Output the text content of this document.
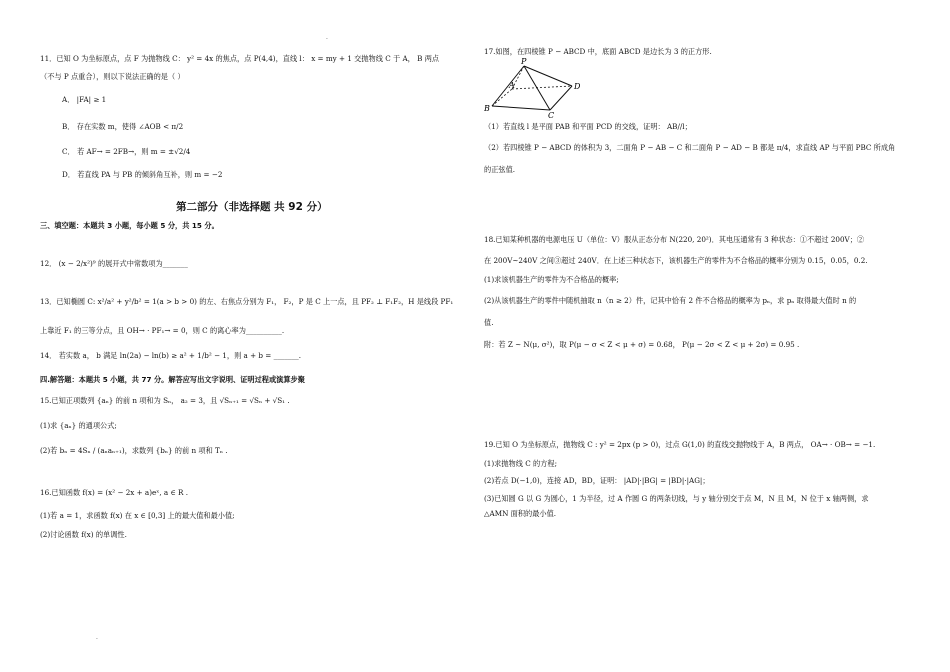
·
·
11．已知 O 为坐标原点，点 F 为抛物线 C： y² = 4x 的焦点，点 P(4,4)，直线 l： x = my + 1 交抛物线 C 于 A， B 两点
（不与 P 点重合），则以下说法正确的是（ ）
A． |FA| ≥ 1
B． 存在实数 m，使得 ∠AOB < π/2
C． 若 AF→ = 2FB→，则 m = ±√2/4
D． 若直线 PA 与 PB 的倾斜角互补，则 m = −2
第二部分（非选择题 共 92 分）
三、填空题：本题共 3 小题，每小题 5 分，共 15 分。
12． (x − 2/x²)⁹ 的展开式中常数项为_______
13．已知椭圆 C: x²/a² + y²/b² = 1(a > b > 0) 的左、右焦点分别为 F₁， F₂，P 是 C 上一点，且 PF₂ ⊥ F₁F₂，H 是线段 PF₁
上靠近 F₁ 的三等分点，且 OH→ · PF₁→ = 0，则 C 的离心率为__________.
14． 若实数 a， b 满足 ln(2a) − ln(b) ≥ a² + 1/b² − 1，则 a + b = _______.
四.解答题：本题共 5 小题，共 77 分。解答应写出文字说明、证明过程或演算步聚
15.已知正项数列 {aₙ} 的前 n 项和为 Sₙ， a₂ = 3，且 √Sₙ₊₁ = √Sₙ + √S₁ .
(1)求 {aₙ} 的通项公式;
(2)若 bₙ = 4Sₙ / (aₙaₙ₊₁)，求数列 {bₙ} 的前 n 项和 Tₙ .
16.已知函数 f(x) = (x² − 2x + a)eˣ, a ∈ R .
(1)若 a = 1，求函数 f(x) 在 x ∈ [0,3] 上的最大值和最小值;
(2)讨论函数 f(x) 的单调性.
17.如图，在四棱锥 P − ABCD 中，底面 ABCD 是边长为 3 的正方形.
P
A	D
B
C
（1）若直线 l 是平面 PAB 和平面 PCD 的交线，证明： AB//l；
（2）若四棱锥 P − ABCD 的体积为 3，二面角 P − AB − C 和二面角 P − AD − B 都是 π/4，求直线 AP 与平面 PBC 所成角
的正弦值.
18.已知某种机器的电源电压 U（单位：V）服从正态分布 N(220, 20²)．其电压通常有 3 种状态：①不超过 200V；②
在 200V~240V 之间③超过 240V．在上述三种状态下，该机器生产的零件为不合格品的概率分别为 0.15，0.05，0.2.
(1)求该机器生产的零件为不合格品的概率;
(2)从该机器生产的零件中随机抽取 n（n ≥ 2）件，记其中恰有 2 件不合格品的概率为 pₙ，求 pₙ 取得最大值时 n 的
值.
附：若 Z ~ N(μ, σ²)，取 P(μ − σ < Z < μ + σ) = 0.68， P(μ − 2σ < Z < μ + 2σ) = 0.95 .
19.已知 O 为坐标原点，抛物线 C : y² = 2px (p > 0)，过点 G(1,0) 的直线交抛物线于 A，B 两点， OA→ · OB→ = −1.
(1)求抛物线 C 的方程;
(2)若点 D(−1,0)，连接 AD，BD，证明： |AD|·|BG| = |BD|·|AG|；
(3)已知圆 G 以 G 为圆心，1 为半径，过 A 作圆 G 的两条切线，与 y 轴分别交于点 M，N 且 M，N 位于 x 轴两侧，求
△AMN 面积的最小值.
